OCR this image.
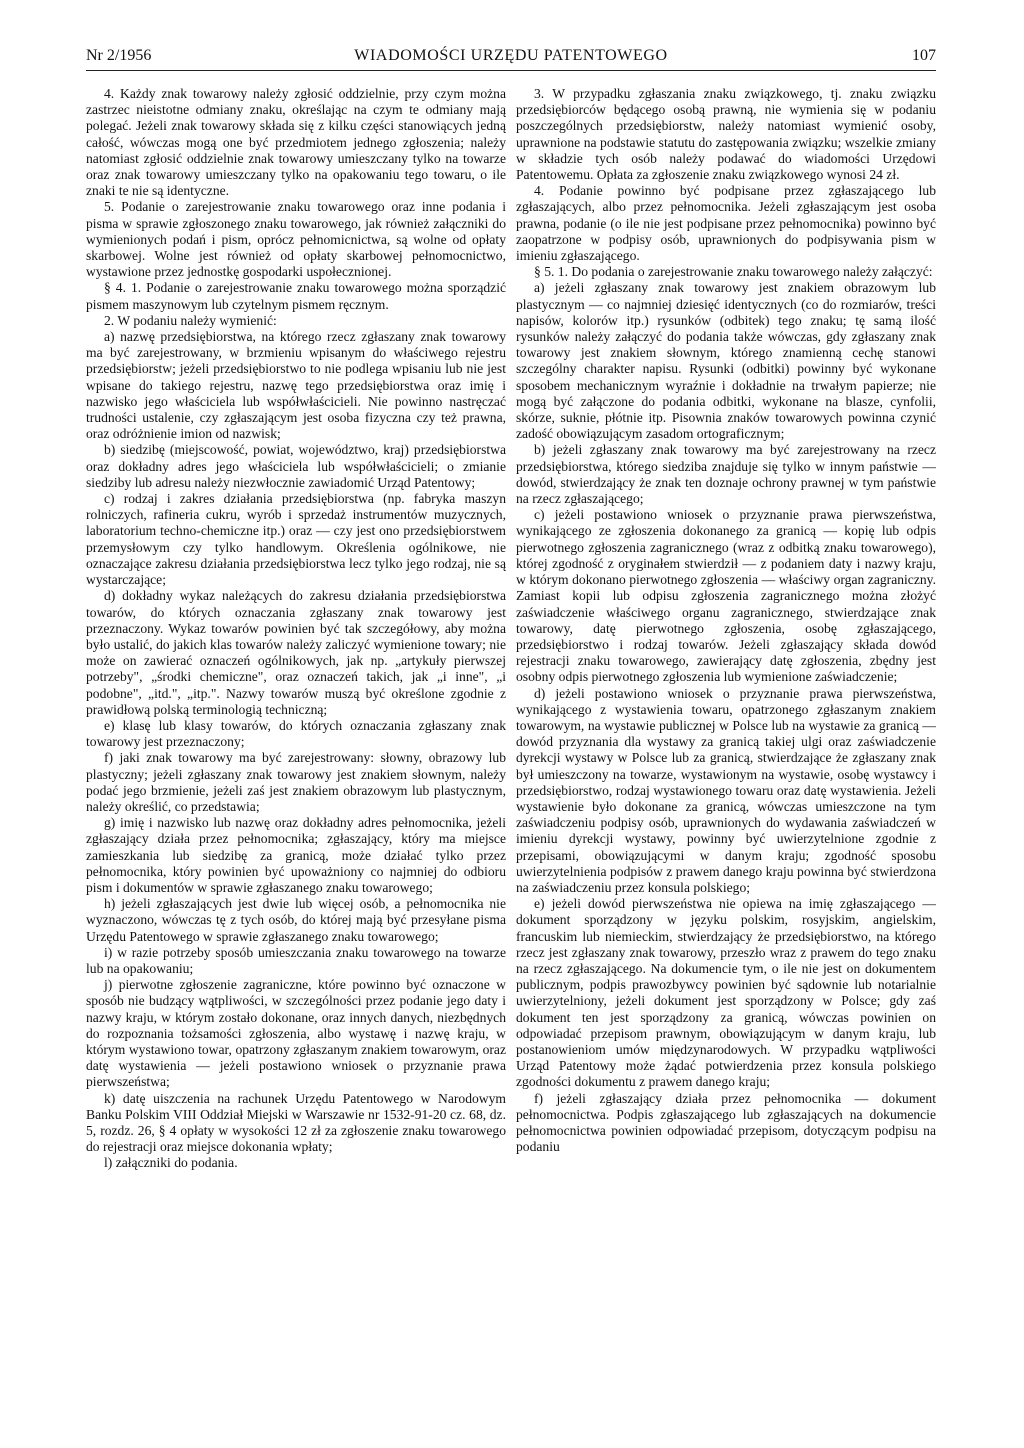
Nr 2/1956	WIADOMOŚCI URZĘDU PATENTOWEGO	107

4. Każdy znak towarowy należy zgłosić oddzielnie, przy czym można zastrzec nieistotne odmiany znaku, określając na czym te odmiany mają polegać. Jeżeli znak towarowy składa się z kilku części stanowiących jedną całość, wówczas mogą one być przedmiotem jednego zgłoszenia; należy natomiast zgłosić oddzielnie znak towarowy umieszczany tylko na towarze oraz znak towarowy umieszczany tylko na opakowaniu tego towaru, o ile znaki te nie są identyczne.

5. Podanie o zarejestrowanie znaku towarowego oraz inne podania i pisma w sprawie zgłoszonego znaku towarowego, jak również załączniki do wymienionych podań i pism, oprócz pełnomicnictwa, są wolne od opłaty skarbowej. Wolne jest również od opłaty skarbowej pełnomocnictwo, wystawione przez jednostkę gospodarki uspołecznionej.

§ 4. 1. Podanie o zarejestrowanie znaku towarowego można sporządzić pismem maszynowym lub czytelnym pismem ręcznym.

2. W podaniu należy wymienić:

a) nazwę przedsiębiorstwa, na którego rzecz zgłaszany znak towarowy ma być zarejestrowany, w brzmieniu wpisanym do właściwego rejestru przedsiębiorstw; jeżeli przedsiębiorstwo to nie podlega wpisaniu lub nie jest wpisane do takiego rejestru, nazwę tego przedsiębiorstwa oraz imię i nazwisko jego właściciela lub współwłaścicieli. Nie powinno nastręczać trudności ustalenie, czy zgłaszającym jest osoba fizyczna czy też prawna, oraz odróżnienie imion od nazwisk;

b) siedzibę (miejscowość, powiat, województwo, kraj) przedsiębiorstwa oraz dokładny adres jego właściciela lub współwłaścicieli; o zmianie siedziby lub adresu należy niezwłocznie zawiadomić Urząd Patentowy;

c) rodzaj i zakres działania przedsiębiorstwa (np. fabryka maszyn rolniczych, rafineria cukru, wyrób i sprzedaż instrumentów muzycznych, laboratorium techno-chemiczne itp.) oraz — czy jest ono przedsiębiorstwem przemysłowym czy tylko handlowym. Określenia ogólnikowe, nie oznaczające zakresu działania przedsiębiorstwa lecz tylko jego rodzaj, nie są wystarczające;

d) dokładny wykaz należących do zakresu działania przedsiębiorstwa towarów, do których oznaczania zgłaszany znak towarowy jest przeznaczony. Wykaz towarów powinien być tak szczegółowy, aby można było ustalić, do jakich klas towarów należy zaliczyć wymienione towary; nie może on zawierać oznaczeń ogólnikowych, jak np. „artykuły pierwszej potrzeby", „środki chemiczne", oraz oznaczeń takich, jak „i inne", „i podobne", „itd.", „itp.". Nazwy towarów muszą być określone zgodnie z prawidłową polską terminologią techniczną;

e) klasę lub klasy towarów, do których oznaczania zgłaszany znak towarowy jest przeznaczony;

f) jaki znak towarowy ma być zarejestrowany: słowny, obrazowy lub plastyczny; jeżeli zgłaszany znak towarowy jest znakiem słownym, należy podać jego brzmienie, jeżeli zaś jest znakiem obrazowym lub plastycznym, należy określić, co przedstawia;

g) imię i nazwisko lub nazwę oraz dokładny adres pełnomocnika, jeżeli zgłaszający działa przez pełnomocnika; zgłaszający, który ma miejsce zamieszkania lub siedzibę za granicą, może działać tylko przez pełnomocnika, który powinien być upoważniony co najmniej do odbioru pism i dokumentów w sprawie zgłaszanego znaku towarowego;

h) jeżeli zgłaszających jest dwie lub więcej osób, a pełnomocnika nie wyznaczono, wówczas tę z tych osób, do której mają być przesyłane pisma Urzędu Patentowego w sprawie zgłaszanego znaku towarowego;

i) w razie potrzeby sposób umieszczania znaku towarowego na towarze lub na opakowaniu;

j) pierwotne zgłoszenie zagraniczne, które powinno być oznaczone w sposób nie budzący wątpliwości, w szczególności przez podanie jego daty i nazwy kraju, w którym zostało dokonane, oraz innych danych, niezbędnych do rozpoznania tożsamości zgłoszenia, albo wystawę i nazwę kraju, w którym wystawiono towar, opatrzony zgłaszanym znakiem towarowym, oraz datę wystawienia — jeżeli postawiono wniosek o przyznanie prawa pierwszeństwa;

k) datę uiszczenia na rachunek Urzędu Patentowego w Narodowym Banku Polskim VIII Oddział Miejski w Warszawie nr 1532-91-20 cz. 68, dz. 5, rozdz. 26, § 4 opłaty w wysokości 12 zł za zgłoszenie znaku towarowego do rejestracji oraz miejsce dokonania wpłaty;

l) załączniki do podania.

3. W przypadku zgłaszania znaku związkowego, tj. znaku związku przedsiębiorców będącego osobą prawną, nie wymienia się w podaniu poszczególnych przedsiębiorstw, należy natomiast wymienić osoby, uprawnione na podstawie statutu do zastępowania związku; wszelkie zmiany w składzie tych osób należy podawać do wiadomości Urzędowi Patentowemu. Opłata za zgłoszenie znaku związkowego wynosi 24 zł.

4. Podanie powinno być podpisane przez zgłaszającego lub zgłaszających, albo przez pełnomocnika. Jeżeli zgłaszającym jest osoba prawna, podanie (o ile nie jest podpisane przez pełnomocnika) powinno być zaopatrzone w podpisy osób, uprawnionych do podpisywania pism w imieniu zgłaszającego.

§ 5. 1. Do podania o zarejestrowanie znaku towarowego należy załączyć:

a) jeżeli zgłaszany znak towarowy jest znakiem obrazowym lub plastycznym — co najmniej dziesięć identycznych (co do rozmiarów, treści napisów, kolorów itp.) rysunków (odbitek) tego znaku; tę samą ilość rysunków należy załączyć do podania także wówczas, gdy zgłaszany znak towarowy jest znakiem słownym, którego znamienną cechę stanowi szczególny charakter napisu. Rysunki (odbitki) powinny być wykonane sposobem mechanicznym wyraźnie i dokładnie na trwałym papierze; nie mogą być załączone do podania odbitki, wykonane na blasze, cynfolii, skórze, suknie, płótnie itp. Pisownia znaków towarowych powinna czynić zadość obowiązującym zasadom ortograficznym;

b) jeżeli zgłaszany znak towarowy ma być zarejestrowany na rzecz przedsiębiorstwa, którego siedziba znajduje się tylko w innym państwie — dowód, stwierdzający że znak ten doznaje ochrony prawnej w tym państwie na rzecz zgłaszającego;

c) jeżeli postawiono wniosek o przyznanie prawa pierwszeństwa, wynikającego ze zgłoszenia dokonanego za granicą — kopię lub odpis pierwotnego zgłoszenia zagranicznego (wraz z odbitką znaku towarowego), której zgodność z oryginałem stwierdził — z podaniem daty i nazwy kraju, w którym dokonano pierwotnego zgłoszenia — właściwy organ zagraniczny. Zamiast kopii lub odpisu zgłoszenia zagranicznego można złożyć zaświadczenie właściwego organu zagranicznego, stwierdzające znak towarowy, datę pierwotnego zgłoszenia, osobę zgłaszającego, przedsiębiorstwo i rodzaj towarów. Jeżeli zgłaszający składa dowód rejestracji znaku towarowego, zawierający datę zgłoszenia, zbędny jest osobny odpis pierwotnego zgłoszenia lub wymienione zaświadczenie;

d) jeżeli postawiono wniosek o przyznanie prawa pierwszeństwa, wynikającego z wystawienia towaru, opatrzonego zgłaszanym znakiem towarowym, na wystawie publicznej w Polsce lub na wystawie za granicą — dowód przyznania dla wystawy za granicą takiej ulgi oraz zaświadczenie dyrekcji wystawy w Polsce lub za granicą, stwierdzające że zgłaszany znak był umieszczony na towarze, wystawionym na wystawie, osobę wystawcy i przedsiębiorstwo, rodzaj wystawionego towaru oraz datę wystawienia. Jeżeli wystawienie było dokonane za granicą, wówczas umieszczone na tym zaświadczeniu podpisy osób, uprawnionych do wydawania zaświadczeń w imieniu dyrekcji wystawy, powinny być uwierzytelnione zgodnie z przepisami, obowiązującymi w danym kraju; zgodność sposobu uwierzytelnienia podpisów z prawem danego kraju powinna być stwierdzona na zaświadczeniu przez konsula polskiego;

e) jeżeli dowód pierwszeństwa nie opiewa na imię zgłaszającego — dokument sporządzony w języku polskim, rosyjskim, angielskim, francuskim lub niemieckim, stwierdzający że przedsiębiorstwo, na którego rzecz jest zgłaszany znak towarowy, przeszło wraz z prawem do tego znaku na rzecz zgłaszającego. Na dokumencie tym, o ile nie jest on dokumentem publicznym, podpis prawozbywcy powinien być sądownie lub notarialnie uwierzytelniony, jeżeli dokument jest sporządzony w Polsce; gdy zaś dokument ten jest sporządzony za granicą, wówczas powinien on odpowiadać przepisom prawnym, obowiązującym w danym kraju, lub postanowieniom umów międzynarodowych. W przypadku wątpliwości Urząd Patentowy może żądać potwierdzenia przez konsula polskiego zgodności dokumentu z prawem danego kraju;

f) jeżeli zgłaszający działa przez pełnomocnika — dokument pełnomocnictwa. Podpis zgłaszającego lub zgłaszających na dokumencie pełnomocnictwa powinien odpowiadać przepisom, dotyczącym podpisu na podaniu
